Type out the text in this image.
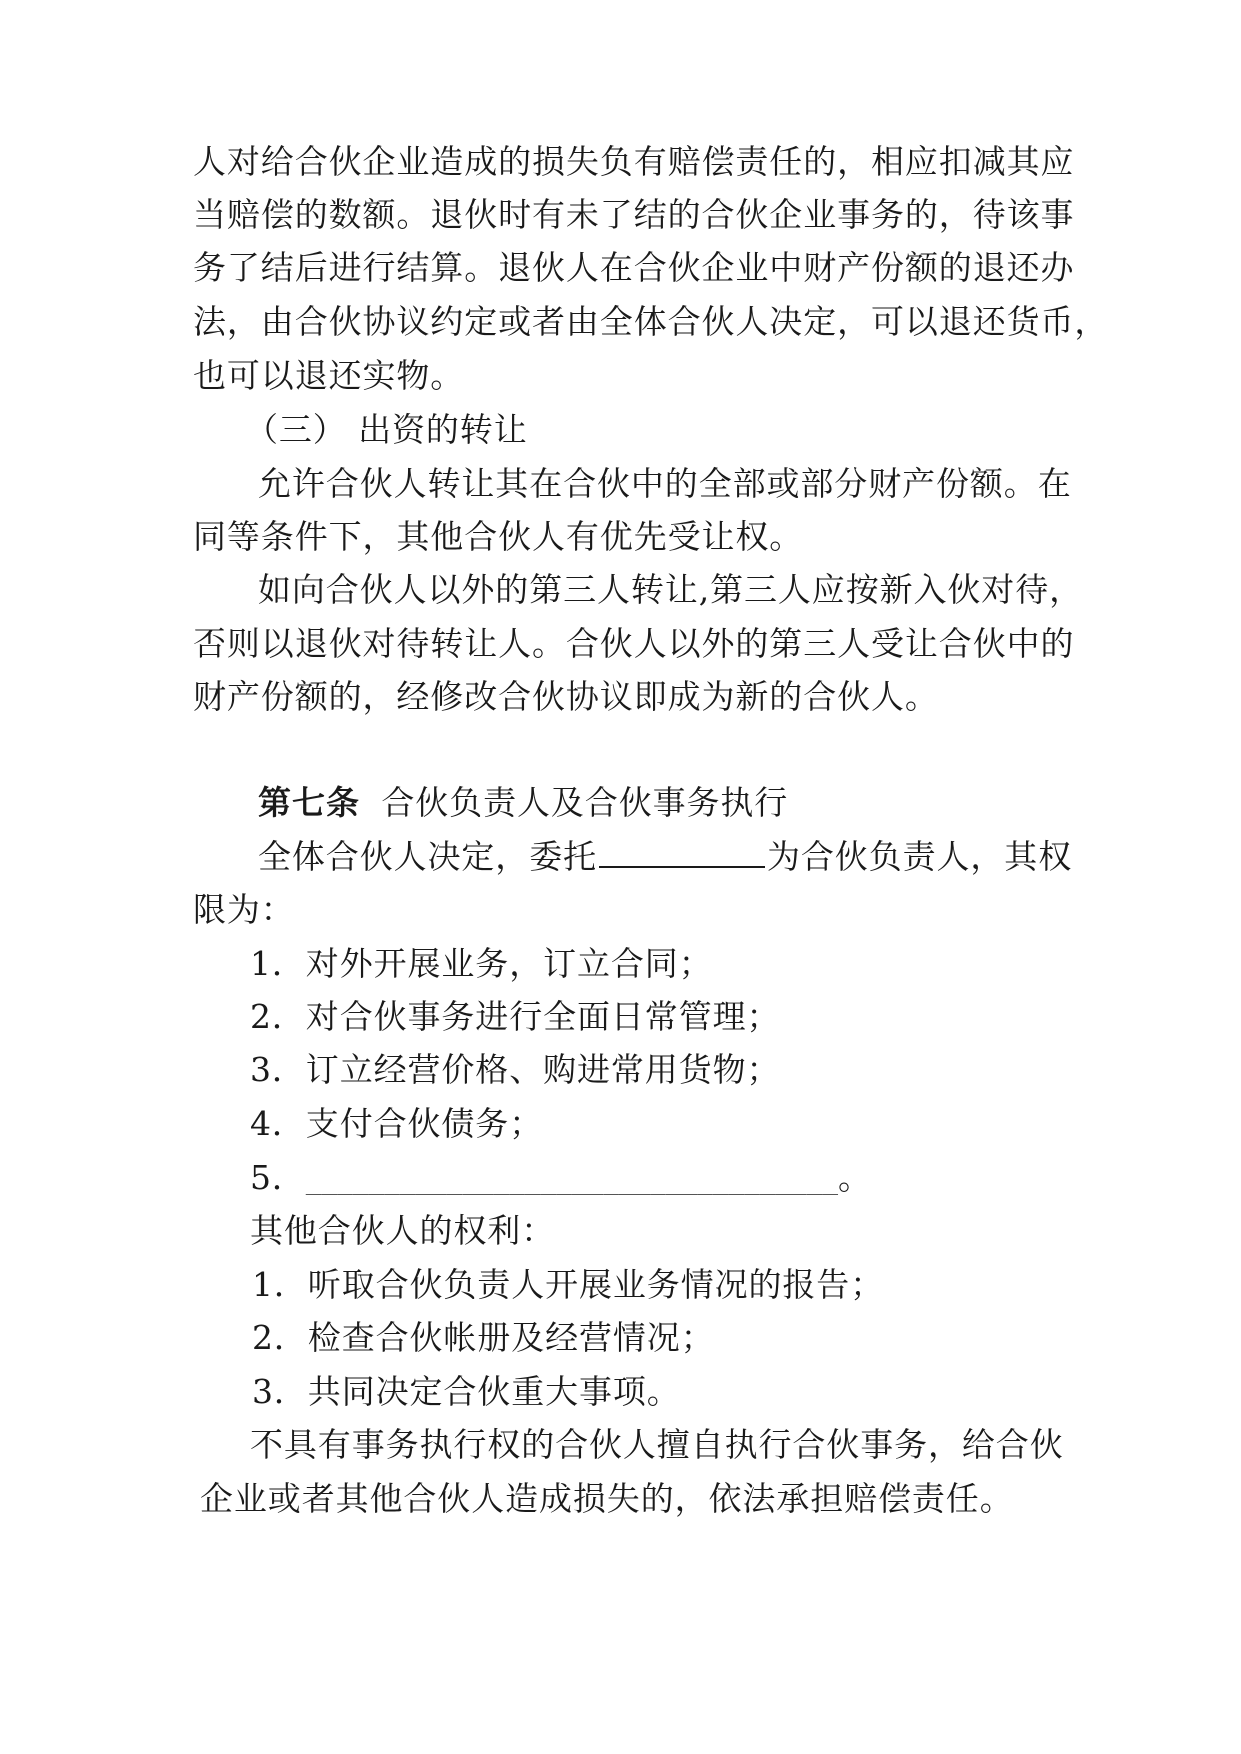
人对给合伙企业造成的损失负有赔偿责任的，相应扣减其应
当赔偿的数额。退伙时有未了结的合伙企业事务的，待该事
务了结后进行结算。退伙人在合伙企业中财产份额的退还办
法，由合伙协议约定或者由全体合伙人决定，可以退还货币，
也可以退还实物。
（三） 出资的转让
允许合伙人转让其在合伙中的全部或部分财产份额。在
同等条件下，其他合伙人有优先受让权。
如向合伙人以外的第三人转让,第三人应按新入伙对待，
否则以退伙对待转让人。合伙人以外的第三人受让合伙中的
财产份额的，经修改合伙协议即成为新的合伙人。
第七条 合伙负责人及合伙事务执行
全体合伙人决定，委托	为合伙负责人，其权
限为：
1．对外开展业务，订立合同；
2．对合伙事务进行全面日常管理；
3．订立经营价格、购进常用货物；
4．支付合伙债务；
5．__________________________________。
其他合伙人的权利：
1．听取合伙负责人开展业务情况的报告；
2．检查合伙帐册及经营情况；
3．共同决定合伙重大事项。
不具有事务执行权的合伙人擅自执行合伙事务，给合伙
企业或者其他合伙人造成损失的，依法承担赔偿责任。
